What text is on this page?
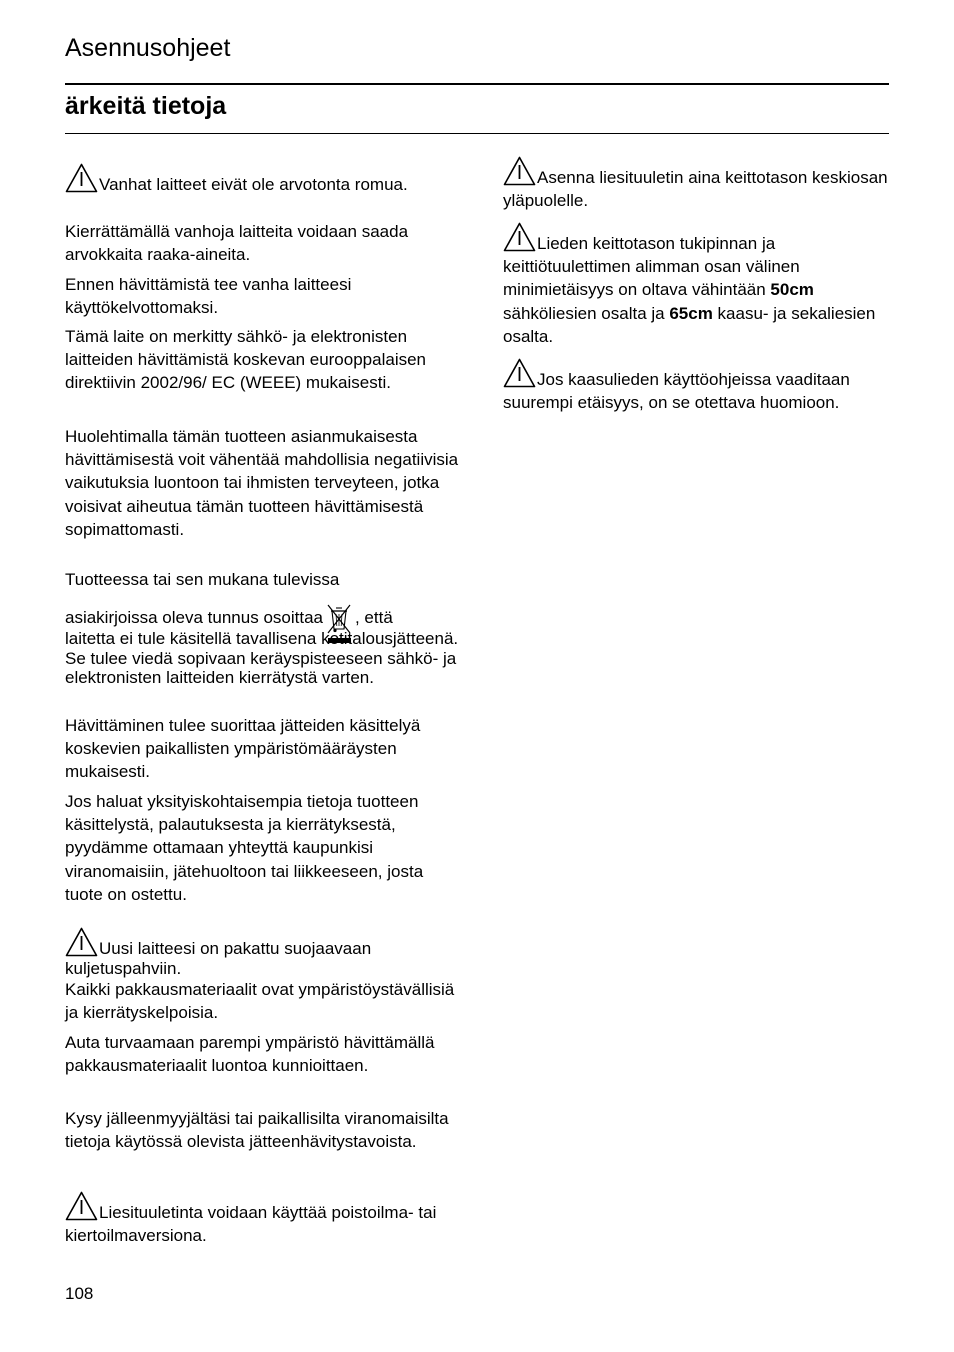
Asennusohjeet
ärkeitä tietoja

Vanhat laitteet eivät ole arvotonta romua.

Kierrättämällä vanhoja laitteita voidaan saada arvokkaita raaka-aineita.

Ennen hävittämistä tee vanha laitteesi käyttökelvottomaksi.

Tämä laite on merkitty sähkö- ja elektronisten laitteiden hävittämistä koskevan eurooppalaisen direktiivin 2002/96/ EC (WEEE) mukaisesti.

Huolehtimalla tämän tuotteen asianmukaisesta hävittämisestä voit vähentää mahdollisia negatiivisia vaikutuksia luontoon tai ihmisten terveyteen, jotka voisivat aiheutua tämän tuotteen hävittämisestä sopimattomasti.

Tuotteessa tai sen mukana tulevissa

asiakirjoissa oleva tunnus osoittaa , että

laitetta ei tule käsitellä tavallisena kotitalousjätteenä. Se tulee viedä sopivaan keräyspisteeseen sähkö- ja elektronisten laitteiden kierrätystä varten.

Hävittäminen tulee suorittaa jätteiden käsittelyä koskevien paikallisten ympäristömääräysten mukaisesti.

Jos haluat yksityiskohtaisempia tietoja tuotteen käsittelystä, palautuksesta ja kierrätyksestä, pyydämme ottamaan yhteyttä kaupunkisi viranomaisiin, jätehuoltoon tai liikkeeseen, josta tuote on ostettu.

Uusi laitteesi on pakattu suojaavaan kuljetuspahviin.

Kaikki pakkausmateriaalit ovat ympäristöystävällisiä ja kierrätyskelpoisia.

Auta turvaamaan parempi ympäristö hävittämällä pakkausmateriaalit luontoa kunnioittaen.

Kysy jälleenmyyjältäsi tai paikallisilta viranomaisilta tietoja käytössä olevista jätteenhävitystavoista.

Liesituuletinta voidaan käyttää poistoilma- tai kiertoilmaversiona.

Asenna liesituuletin aina keittotason keskiosan yläpuolelle.

Lieden keittotason tukipinnan ja keittiötuulettimen alimman osan välinen minimietäisyys on oltava vähintään 50cm sähköliesien osalta ja 65cm kaasu- ja sekaliesien osalta.

Jos kaasulieden käyttöohjeissa vaaditaan suurempi etäisyys, on se otettava huomioon.

108
